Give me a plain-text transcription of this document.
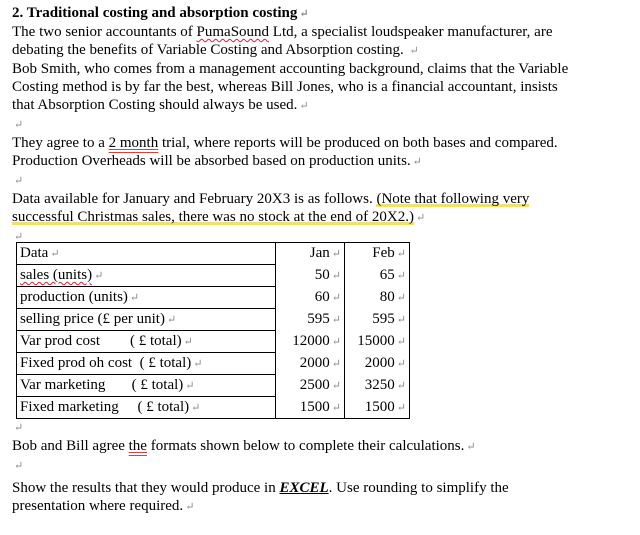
2. Traditional costing and absorption costing ↵

The two senior accountants of PumaSound Ltd, a specialist loudspeaker manufacturer, are

debating the benefits of Variable Costing and Absorption costing. ↵

Bob Smith, who comes from a management accounting background, claims that the Variable

Costing method is by far the best, whereas Bill Jones, who is a financial accountant, insists

that Absorption Costing should always be used. ↵

↵

They agree to a 2 month trial, where reports will be produced on both bases and compared.

Production Overheads will be absorbed based on production units. ↵

↵

Data available for January and February 20X3 is as follows. (Note that following very

successful Christmas sales, there was no stock at the end of 20X2.) ↵

↵

Data ↵	Jan ↵	Feb ↵
sales (units) ↵	50 ↵	65 ↵
production (units) ↵	60 ↵	80 ↵
selling price (£ per unit) ↵	595 ↵	595 ↵
Var prod cost        ( £ total) ↵	12000 ↵	15000 ↵
Fixed prod oh cost  ( £ total) ↵	2000 ↵	2000 ↵
Var marketing       ( £ total) ↵	2500 ↵	3250 ↵
Fixed marketing     ( £ total) ↵	1500 ↵	1500 ↵

↵

Bob and Bill agree the formats shown below to complete their calculations. ↵

↵

Show the results that they would produce in EXCEL. Use rounding to simplify the

presentation where required. ↵
